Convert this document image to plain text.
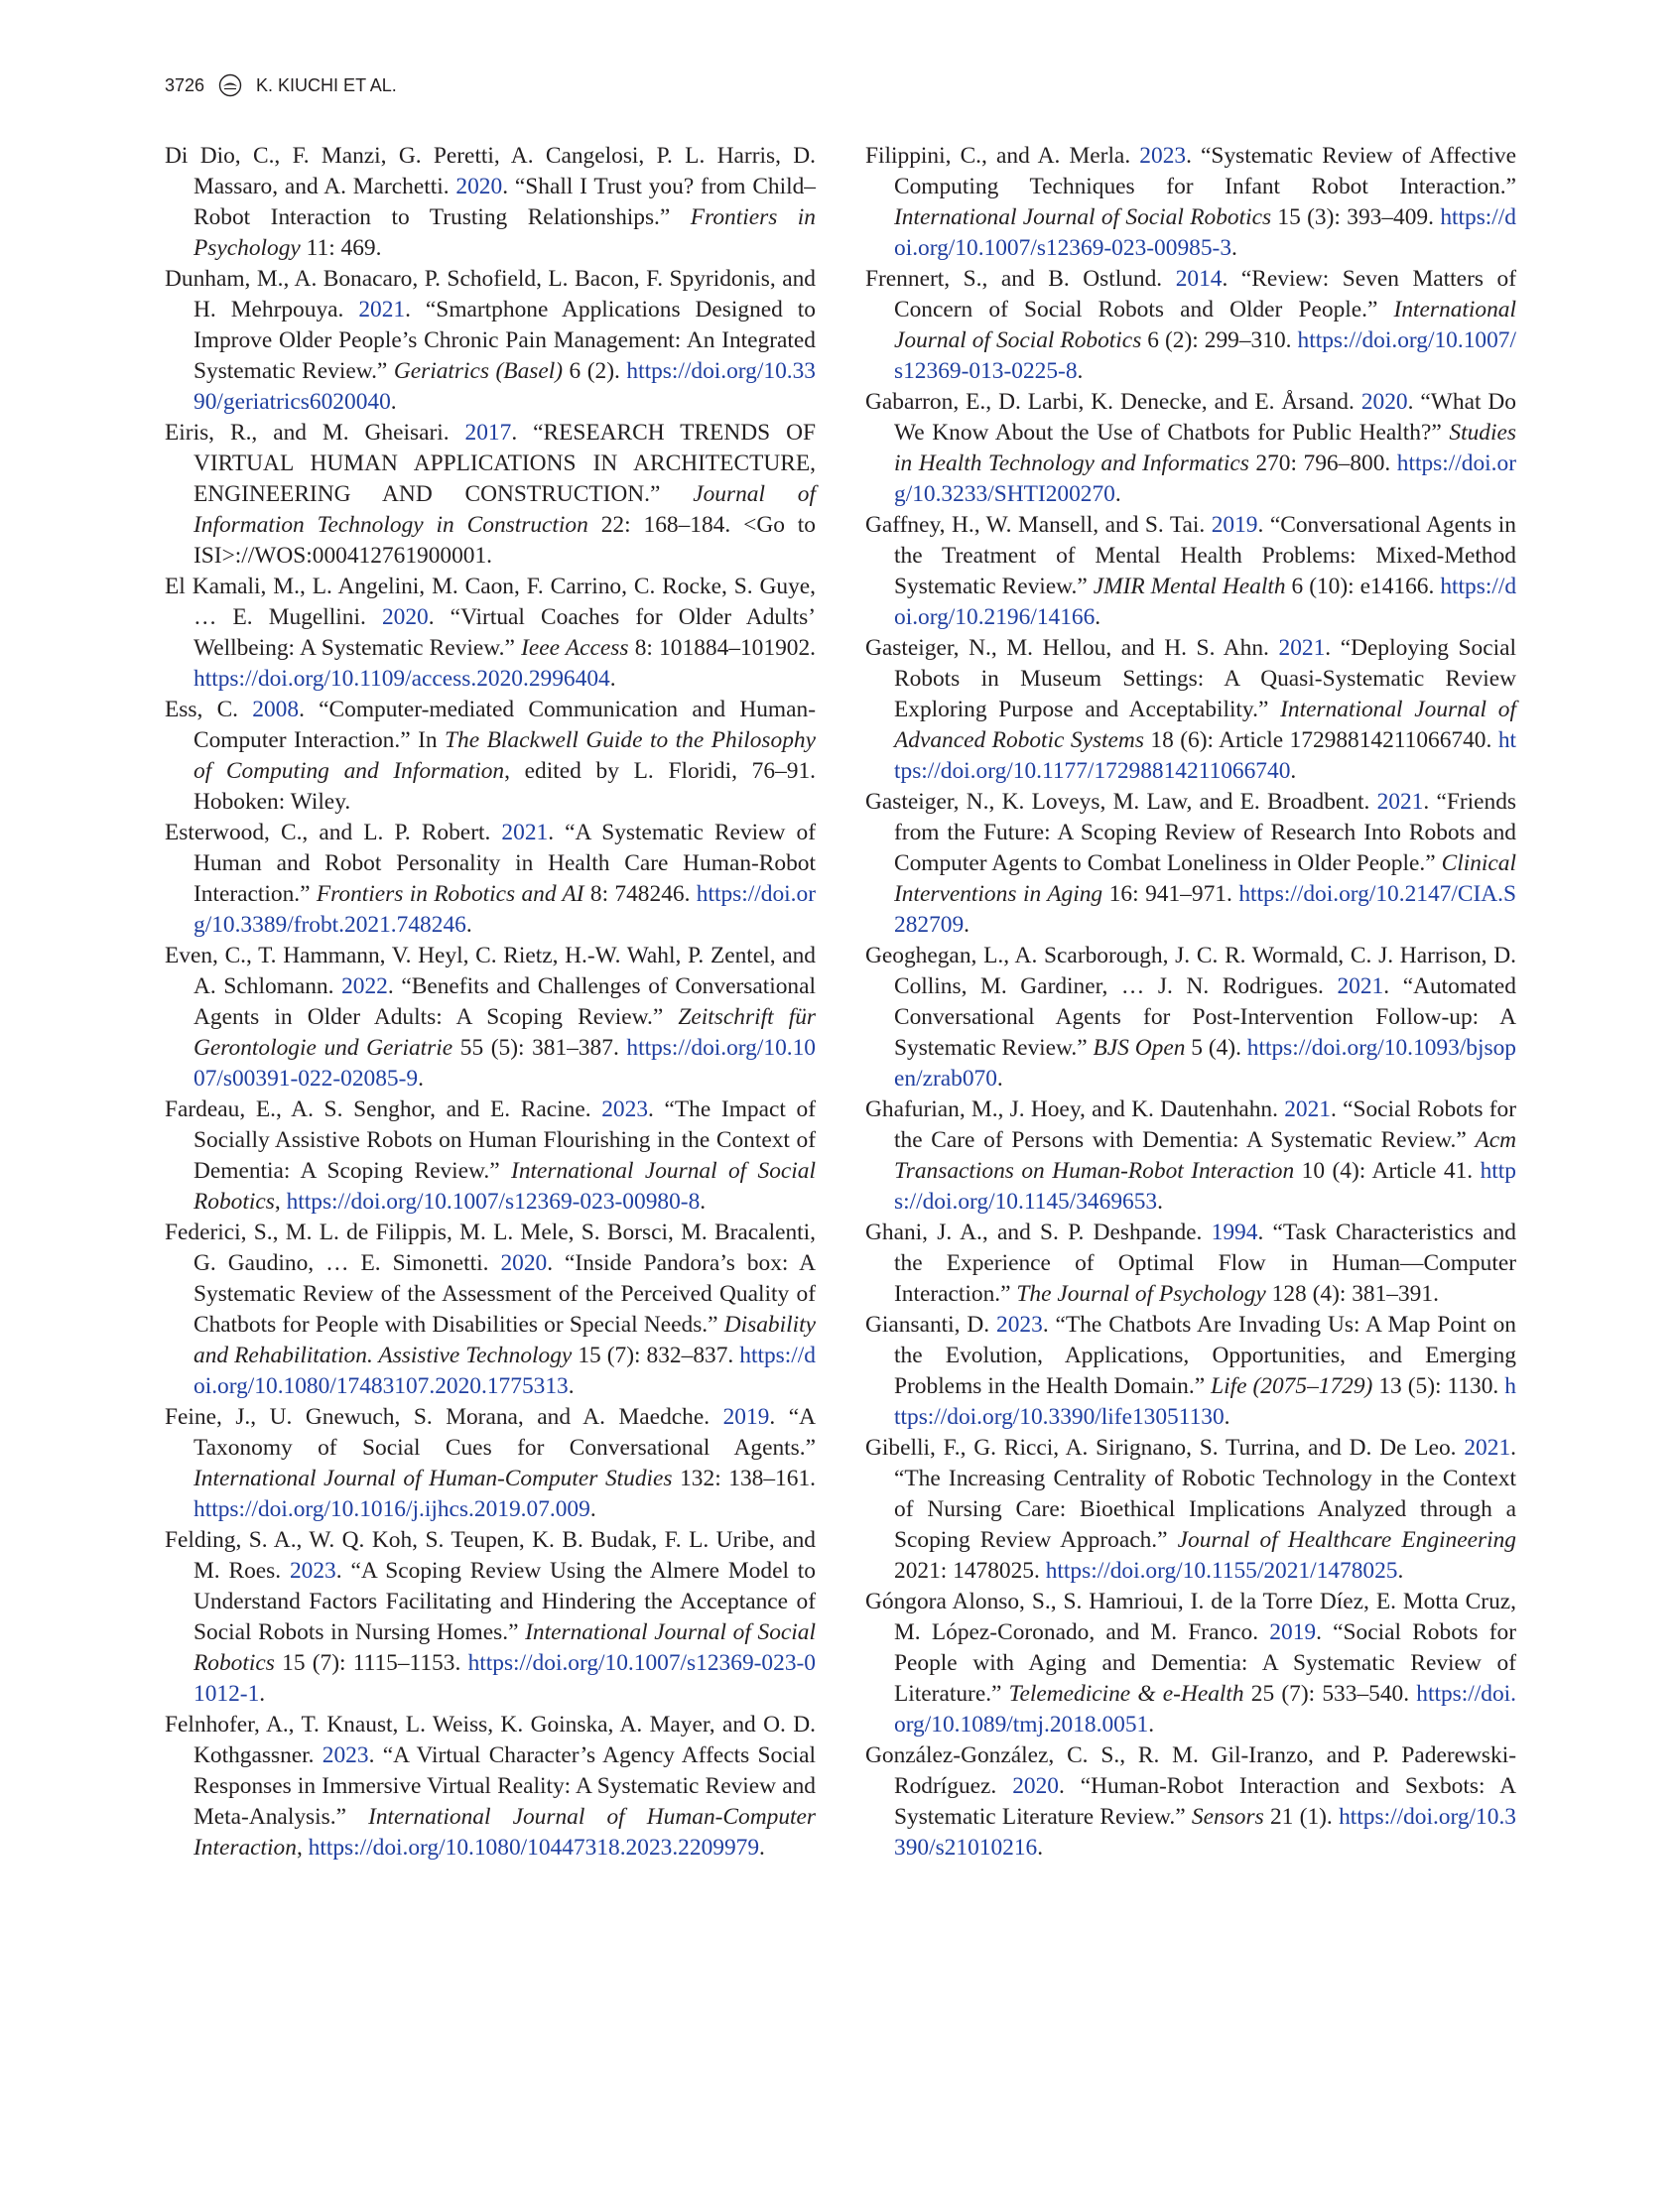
3726	K. KIUCHI ET AL.

Di Dio, C., F. Manzi, G. Peretti, A. Cangelosi, P. L. Harris, D. Massaro, and A. Marchetti. 2020. “Shall I Trust you? from Child–Robot Interaction to Trusting Relationships.” Frontiers in Psychology 11: 469.

Dunham, M., A. Bonacaro, P. Schofield, L. Bacon, F. Spyridonis, and H. Mehrpouya. 2021. “Smartphone Applications Designed to Improve Older People’s Chronic Pain Management: An Integrated Systematic Review.” Geriatrics (Basel) 6 (2). https://doi.org/10.3390/geriatrics6020040.

Eiris, R., and M. Gheisari. 2017. “RESEARCH TRENDS OF VIRTUAL HUMAN APPLICATIONS IN ARCHITECTURE, ENGINEERING AND CONSTRUCTION.” Journal of Information Technology in Construction 22: 168–184. <Go to ISI>://WOS:000412761900001.

El Kamali, M., L. Angelini, M. Caon, F. Carrino, C. Rocke, S. Guye, … E. Mugellini. 2020. “Virtual Coaches for Older Adults’ Wellbeing: A Systematic Review.” Ieee Access 8: 101884–101902. https://doi.org/10.1109/access.2020.2996404.

Ess, C. 2008. “Computer-mediated Communication and Human-Computer Interaction.” In The Blackwell Guide to the Philosophy of Computing and Information, edited by L. Floridi, 76–91. Hoboken: Wiley.

Esterwood, C., and L. P. Robert. 2021. “A Systematic Review of Human and Robot Personality in Health Care Human-Robot Interaction.” Frontiers in Robotics and AI 8: 748246. https://doi.org/10.3389/frobt.2021.748246.

Even, C., T. Hammann, V. Heyl, C. Rietz, H.-W. Wahl, P. Zentel, and A. Schlomann. 2022. “Benefits and Challenges of Conversational Agents in Older Adults: A Scoping Review.” Zeitschrift für Gerontologie und Geriatrie 55 (5): 381–387. https://doi.org/10.1007/s00391-022-02085-9.

Fardeau, E., A. S. Senghor, and E. Racine. 2023. “The Impact of Socially Assistive Robots on Human Flourishing in the Context of Dementia: A Scoping Review.” International Journal of Social Robotics, https://doi.org/10.1007/s12369-023-00980-8.

Federici, S., M. L. de Filippis, M. L. Mele, S. Borsci, M. Bracalenti, G. Gaudino, … E. Simonetti. 2020. “Inside Pandora’s box: A Systematic Review of the Assessment of the Perceived Quality of Chatbots for People with Disabilities or Special Needs.” Disability and Rehabilitation. Assistive Technology 15 (7): 832–837. https://doi.org/10.1080/17483107.2020.1775313.

Feine, J., U. Gnewuch, S. Morana, and A. Maedche. 2019. “A Taxonomy of Social Cues for Conversational Agents.” International Journal of Human-Computer Studies 132: 138–161. https://doi.org/10.1016/j.ijhcs.2019.07.009.

Felding, S. A., W. Q. Koh, S. Teupen, K. B. Budak, F. L. Uribe, and M. Roes. 2023. “A Scoping Review Using the Almere Model to Understand Factors Facilitating and Hindering the Acceptance of Social Robots in Nursing Homes.” International Journal of Social Robotics 15 (7): 1115–1153. https://doi.org/10.1007/s12369-023-01012-1.

Felnhofer, A., T. Knaust, L. Weiss, K. Goinska, A. Mayer, and O. D. Kothgassner. 2023. “A Virtual Character’s Agency Affects Social Responses in Immersive Virtual Reality: A Systematic Review and Meta-Analysis.” International Journal of Human-Computer Interaction, https://doi.org/10.1080/10447318.2023.2209979.

Filippini, C., and A. Merla. 2023. “Systematic Review of Affective Computing Techniques for Infant Robot Interaction.” International Journal of Social Robotics 15 (3): 393–409. https://doi.org/10.1007/s12369-023-00985-3.

Frennert, S., and B. Ostlund. 2014. “Review: Seven Matters of Concern of Social Robots and Older People.” International Journal of Social Robotics 6 (2): 299–310. https://doi.org/10.1007/s12369-013-0225-8.

Gabarron, E., D. Larbi, K. Denecke, and E. Årsand. 2020. “What Do We Know About the Use of Chatbots for Public Health?” Studies in Health Technology and Informatics 270: 796–800. https://doi.org/10.3233/SHTI200270.

Gaffney, H., W. Mansell, and S. Tai. 2019. “Conversational Agents in the Treatment of Mental Health Problems: Mixed-Method Systematic Review.” JMIR Mental Health 6 (10): e14166. https://doi.org/10.2196/14166.

Gasteiger, N., M. Hellou, and H. S. Ahn. 2021. “Deploying Social Robots in Museum Settings: A Quasi-Systematic Review Exploring Purpose and Acceptability.” International Journal of Advanced Robotic Systems 18 (6): Article 17298814211066740. https://doi.org/10.1177/17298814211066740.

Gasteiger, N., K. Loveys, M. Law, and E. Broadbent. 2021. “Friends from the Future: A Scoping Review of Research Into Robots and Computer Agents to Combat Loneliness in Older People.” Clinical Interventions in Aging 16: 941–971. https://doi.org/10.2147/CIA.S282709.

Geoghegan, L., A. Scarborough, J. C. R. Wormald, C. J. Harrison, D. Collins, M. Gardiner, … J. N. Rodrigues. 2021. “Automated Conversational Agents for Post-Intervention Follow-up: A Systematic Review.” BJS Open 5 (4). https://doi.org/10.1093/bjsopen/zrab070.

Ghafurian, M., J. Hoey, and K. Dautenhahn. 2021. “Social Robots for the Care of Persons with Dementia: A Systematic Review.” Acm Transactions on Human-Robot Interaction 10 (4): Article 41. https://doi.org/10.1145/3469653.

Ghani, J. A., and S. P. Deshpande. 1994. “Task Characteristics and the Experience of Optimal Flow in Human—Computer Interaction.” The Journal of Psychology 128 (4): 381–391.

Giansanti, D. 2023. “The Chatbots Are Invading Us: A Map Point on the Evolution, Applications, Opportunities, and Emerging Problems in the Health Domain.” Life (2075–1729) 13 (5): 1130. https://doi.org/10.3390/life13051130.

Gibelli, F., G. Ricci, A. Sirignano, S. Turrina, and D. De Leo. 2021. “The Increasing Centrality of Robotic Technology in the Context of Nursing Care: Bioethical Implications Analyzed through a Scoping Review Approach.” Journal of Healthcare Engineering 2021: 1478025. https://doi.org/10.1155/2021/1478025.

Góngora Alonso, S., S. Hamrioui, I. de la Torre Díez, E. Motta Cruz, M. López-Coronado, and M. Franco. 2019. “Social Robots for People with Aging and Dementia: A Systematic Review of Literature.” Telemedicine & e-Health 25 (7): 533–540. https://doi.org/10.1089/tmj.2018.0051.

González-González, C. S., R. M. Gil-Iranzo, and P. Paderewski-Rodríguez. 2020. “Human-Robot Interaction and Sexbots: A Systematic Literature Review.” Sensors 21 (1). https://doi.org/10.3390/s21010216.
